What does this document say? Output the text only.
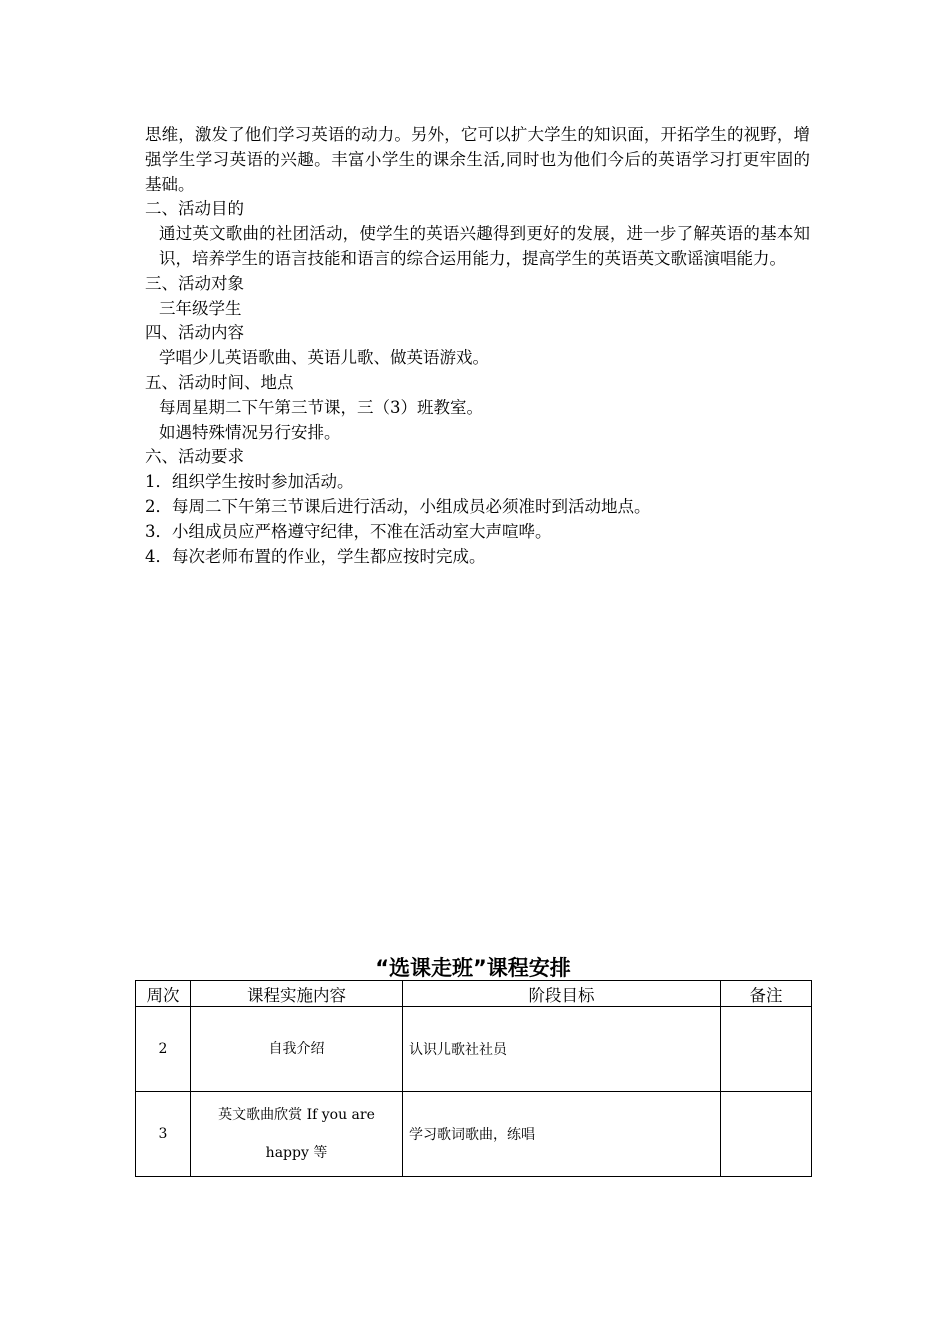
思维，激发了他们学习英语的动力。另外，它可以扩大学生的知识面，开拓学生的视野，增强学生学习英语的兴趣。丰富小学生的课余生活,同时也为他们今后的英语学习打更牢固的基础。

二、活动目的

通过英文歌曲的社团活动，使学生的英语兴趣得到更好的发展，进一步了解英语的基本知识，培养学生的语言技能和语言的综合运用能力，提高学生的英语英文歌谣演唱能力。

三、活动对象

三年级学生

四、活动内容

学唱少儿英语歌曲、英语儿歌、做英语游戏。

五、活动时间、地点

每周星期二下午第三节课，三（3）班教室。

如遇特殊情况另行安排。

六、活动要求

1．组织学生按时参加活动。

2．每周二下午第三节课后进行活动，小组成员必须准时到活动地点。

3．小组成员应严格遵守纪律，不准在活动室大声喧哗。

4．每次老师布置的作业，学生都应按时完成。

“选课走班”课程安排
周次	课程实施内容	阶段目标	备注
2	自我介绍	认识儿歌社社员	
3	英文歌曲欣赏 If you are happy 等	学习歌词歌曲，练唱	
